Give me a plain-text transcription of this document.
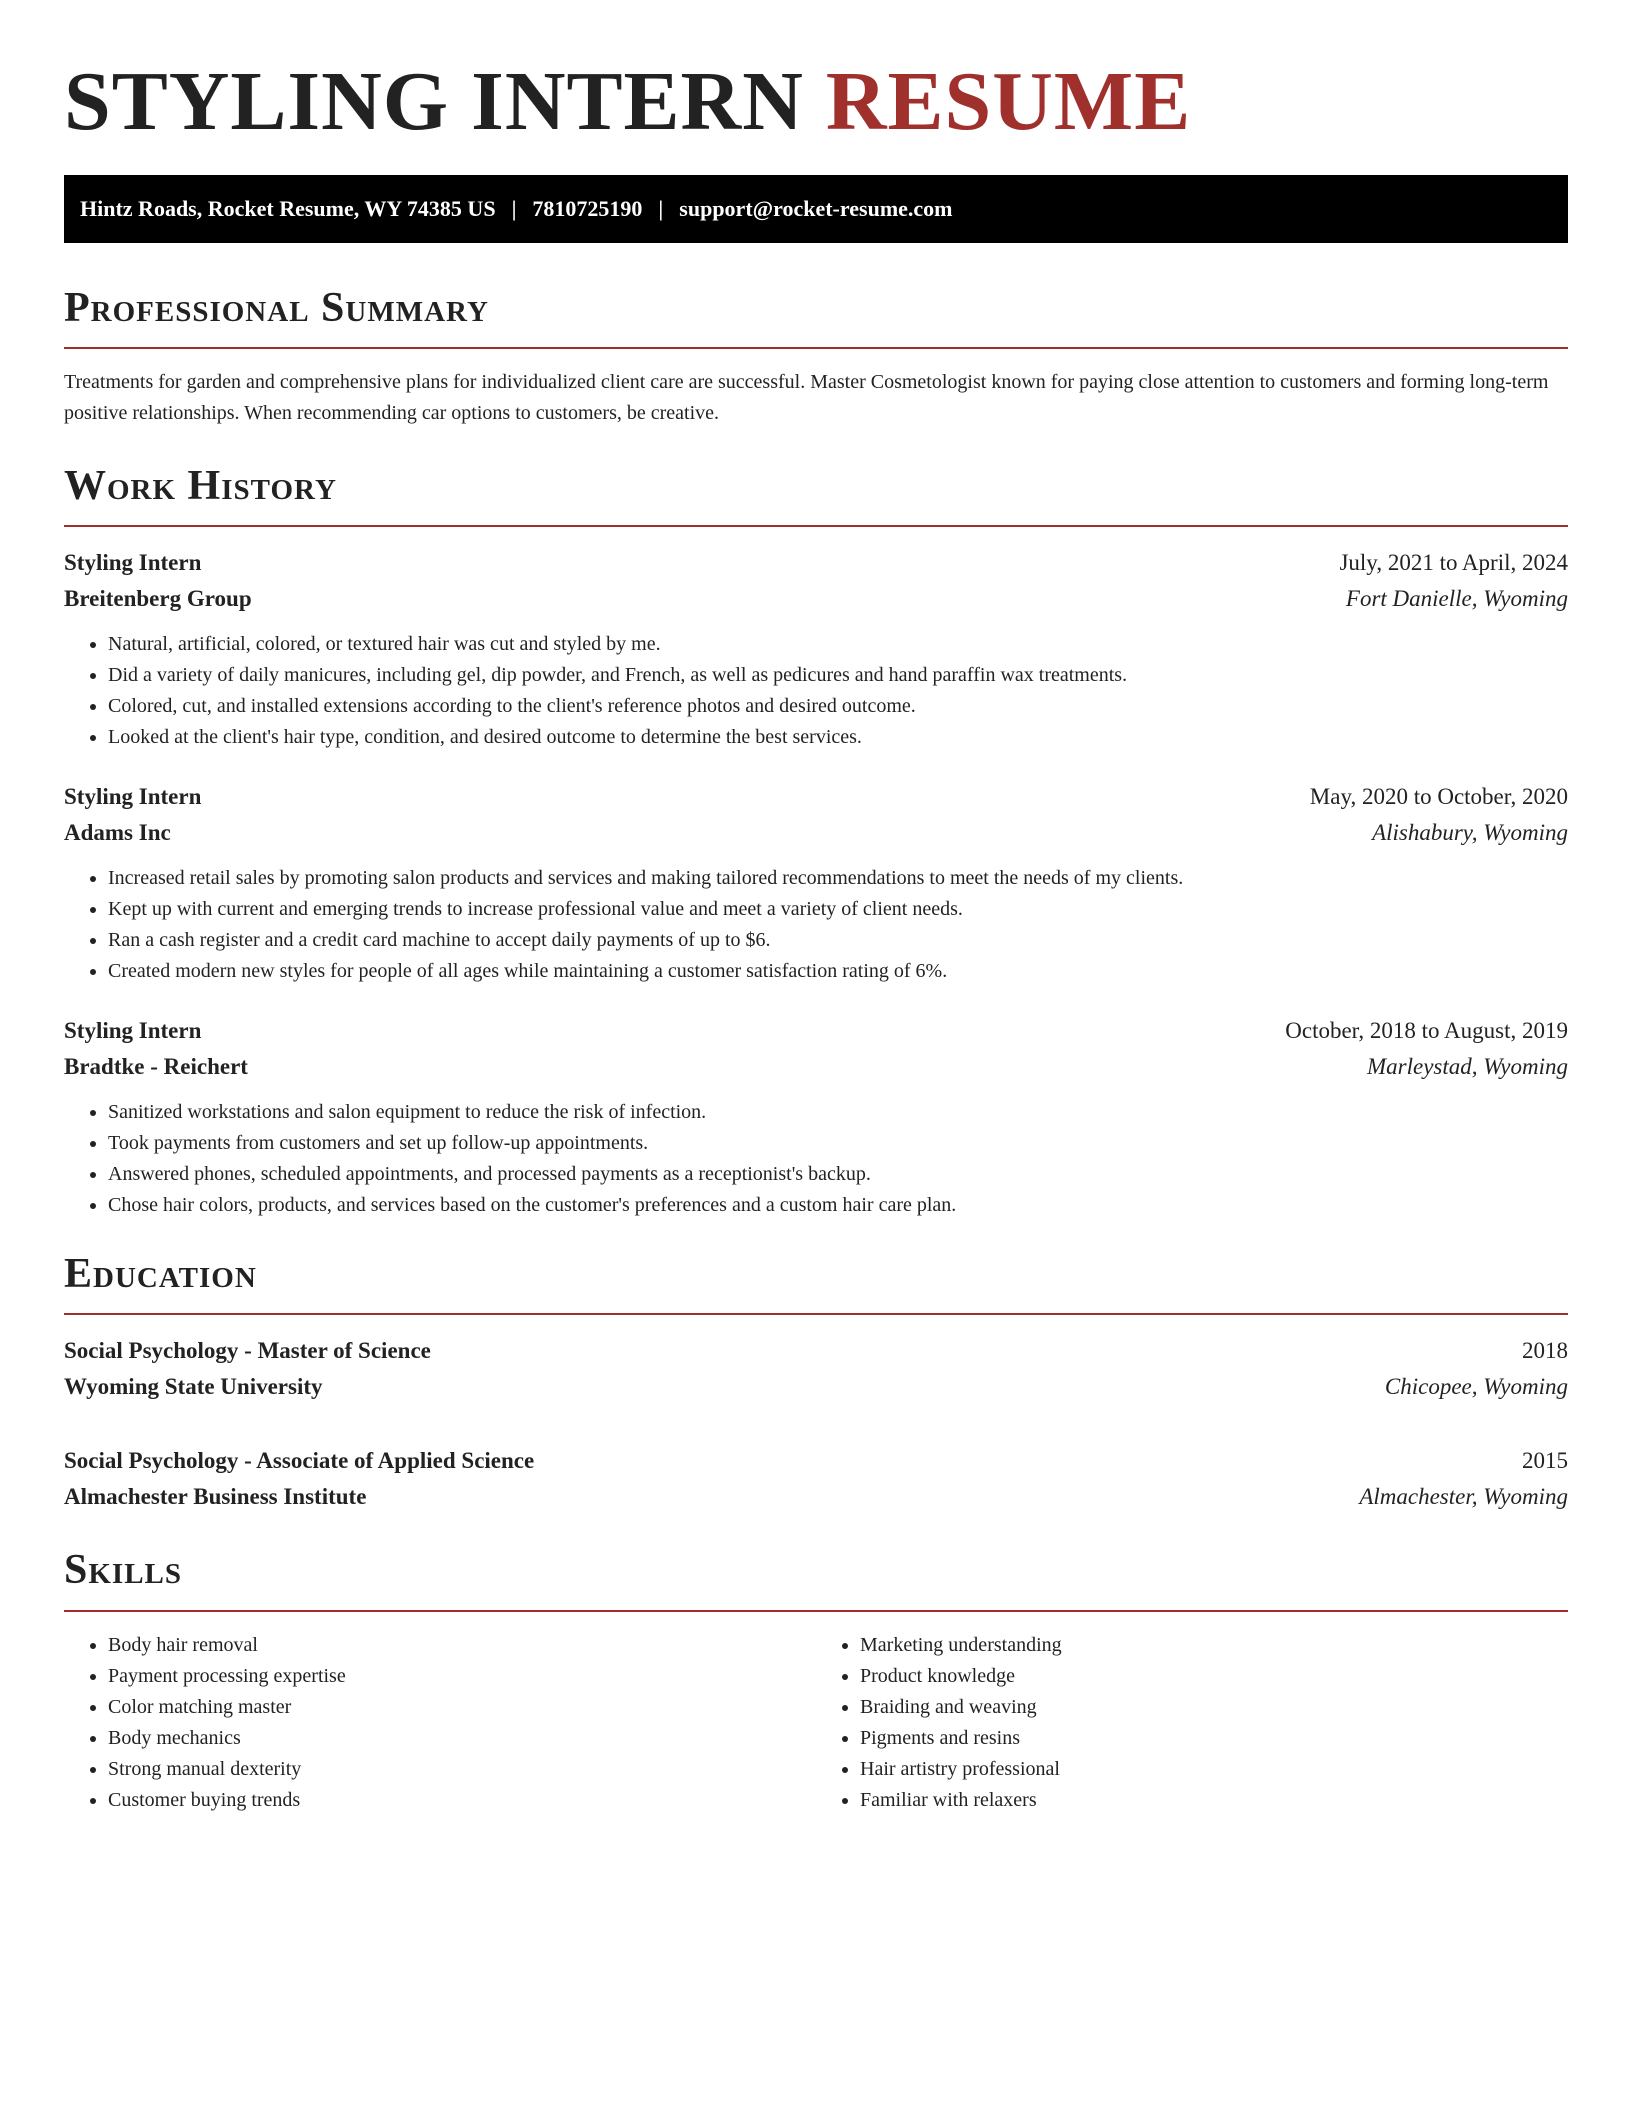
STYLING INTERN RESUME
Hintz Roads, Rocket Resume, WY 74385 US | 7810725190 | support@rocket-resume.com
Professional Summary

Treatments for garden and comprehensive plans for individualized client care are successful. Master Cosmetologist known for paying close attention to customers and forming long-term positive relationships. When recommending car options to customers, be creative.

Work History
Styling Intern	July, 2021 to April, 2024
Breitenberg Group	Fort Danielle, Wyoming
• Natural, artificial, colored, or textured hair was cut and styled by me.
• Did a variety of daily manicures, including gel, dip powder, and French, as well as pedicures and hand paraffin wax treatments.
• Colored, cut, and installed extensions according to the client's reference photos and desired outcome.
• Looked at the client's hair type, condition, and desired outcome to determine the best services.
Styling Intern	May, 2020 to October, 2020
Adams Inc	Alishabury, Wyoming
• Increased retail sales by promoting salon products and services and making tailored recommendations to meet the needs of my clients.
• Kept up with current and emerging trends to increase professional value and meet a variety of client needs.
• Ran a cash register and a credit card machine to accept daily payments of up to $6.
• Created modern new styles for people of all ages while maintaining a customer satisfaction rating of 6%.
Styling Intern	October, 2018 to August, 2019
Bradtke - Reichert	Marleystad, Wyoming
• Sanitized workstations and salon equipment to reduce the risk of infection.
• Took payments from customers and set up follow-up appointments.
• Answered phones, scheduled appointments, and processed payments as a receptionist's backup.
• Chose hair colors, products, and services based on the customer's preferences and a custom hair care plan.
Education
Social Psychology - Master of Science	2018
Wyoming State University	Chicopee, Wyoming
Social Psychology - Associate of Applied Science	2015
Almachester Business Institute	Almachester, Wyoming
Skills
• Body hair removal
• Payment processing expertise
• Color matching master
• Body mechanics
• Strong manual dexterity
• Customer buying trends
• Marketing understanding
• Product knowledge
• Braiding and weaving
• Pigments and resins
• Hair artistry professional
• Familiar with relaxers
